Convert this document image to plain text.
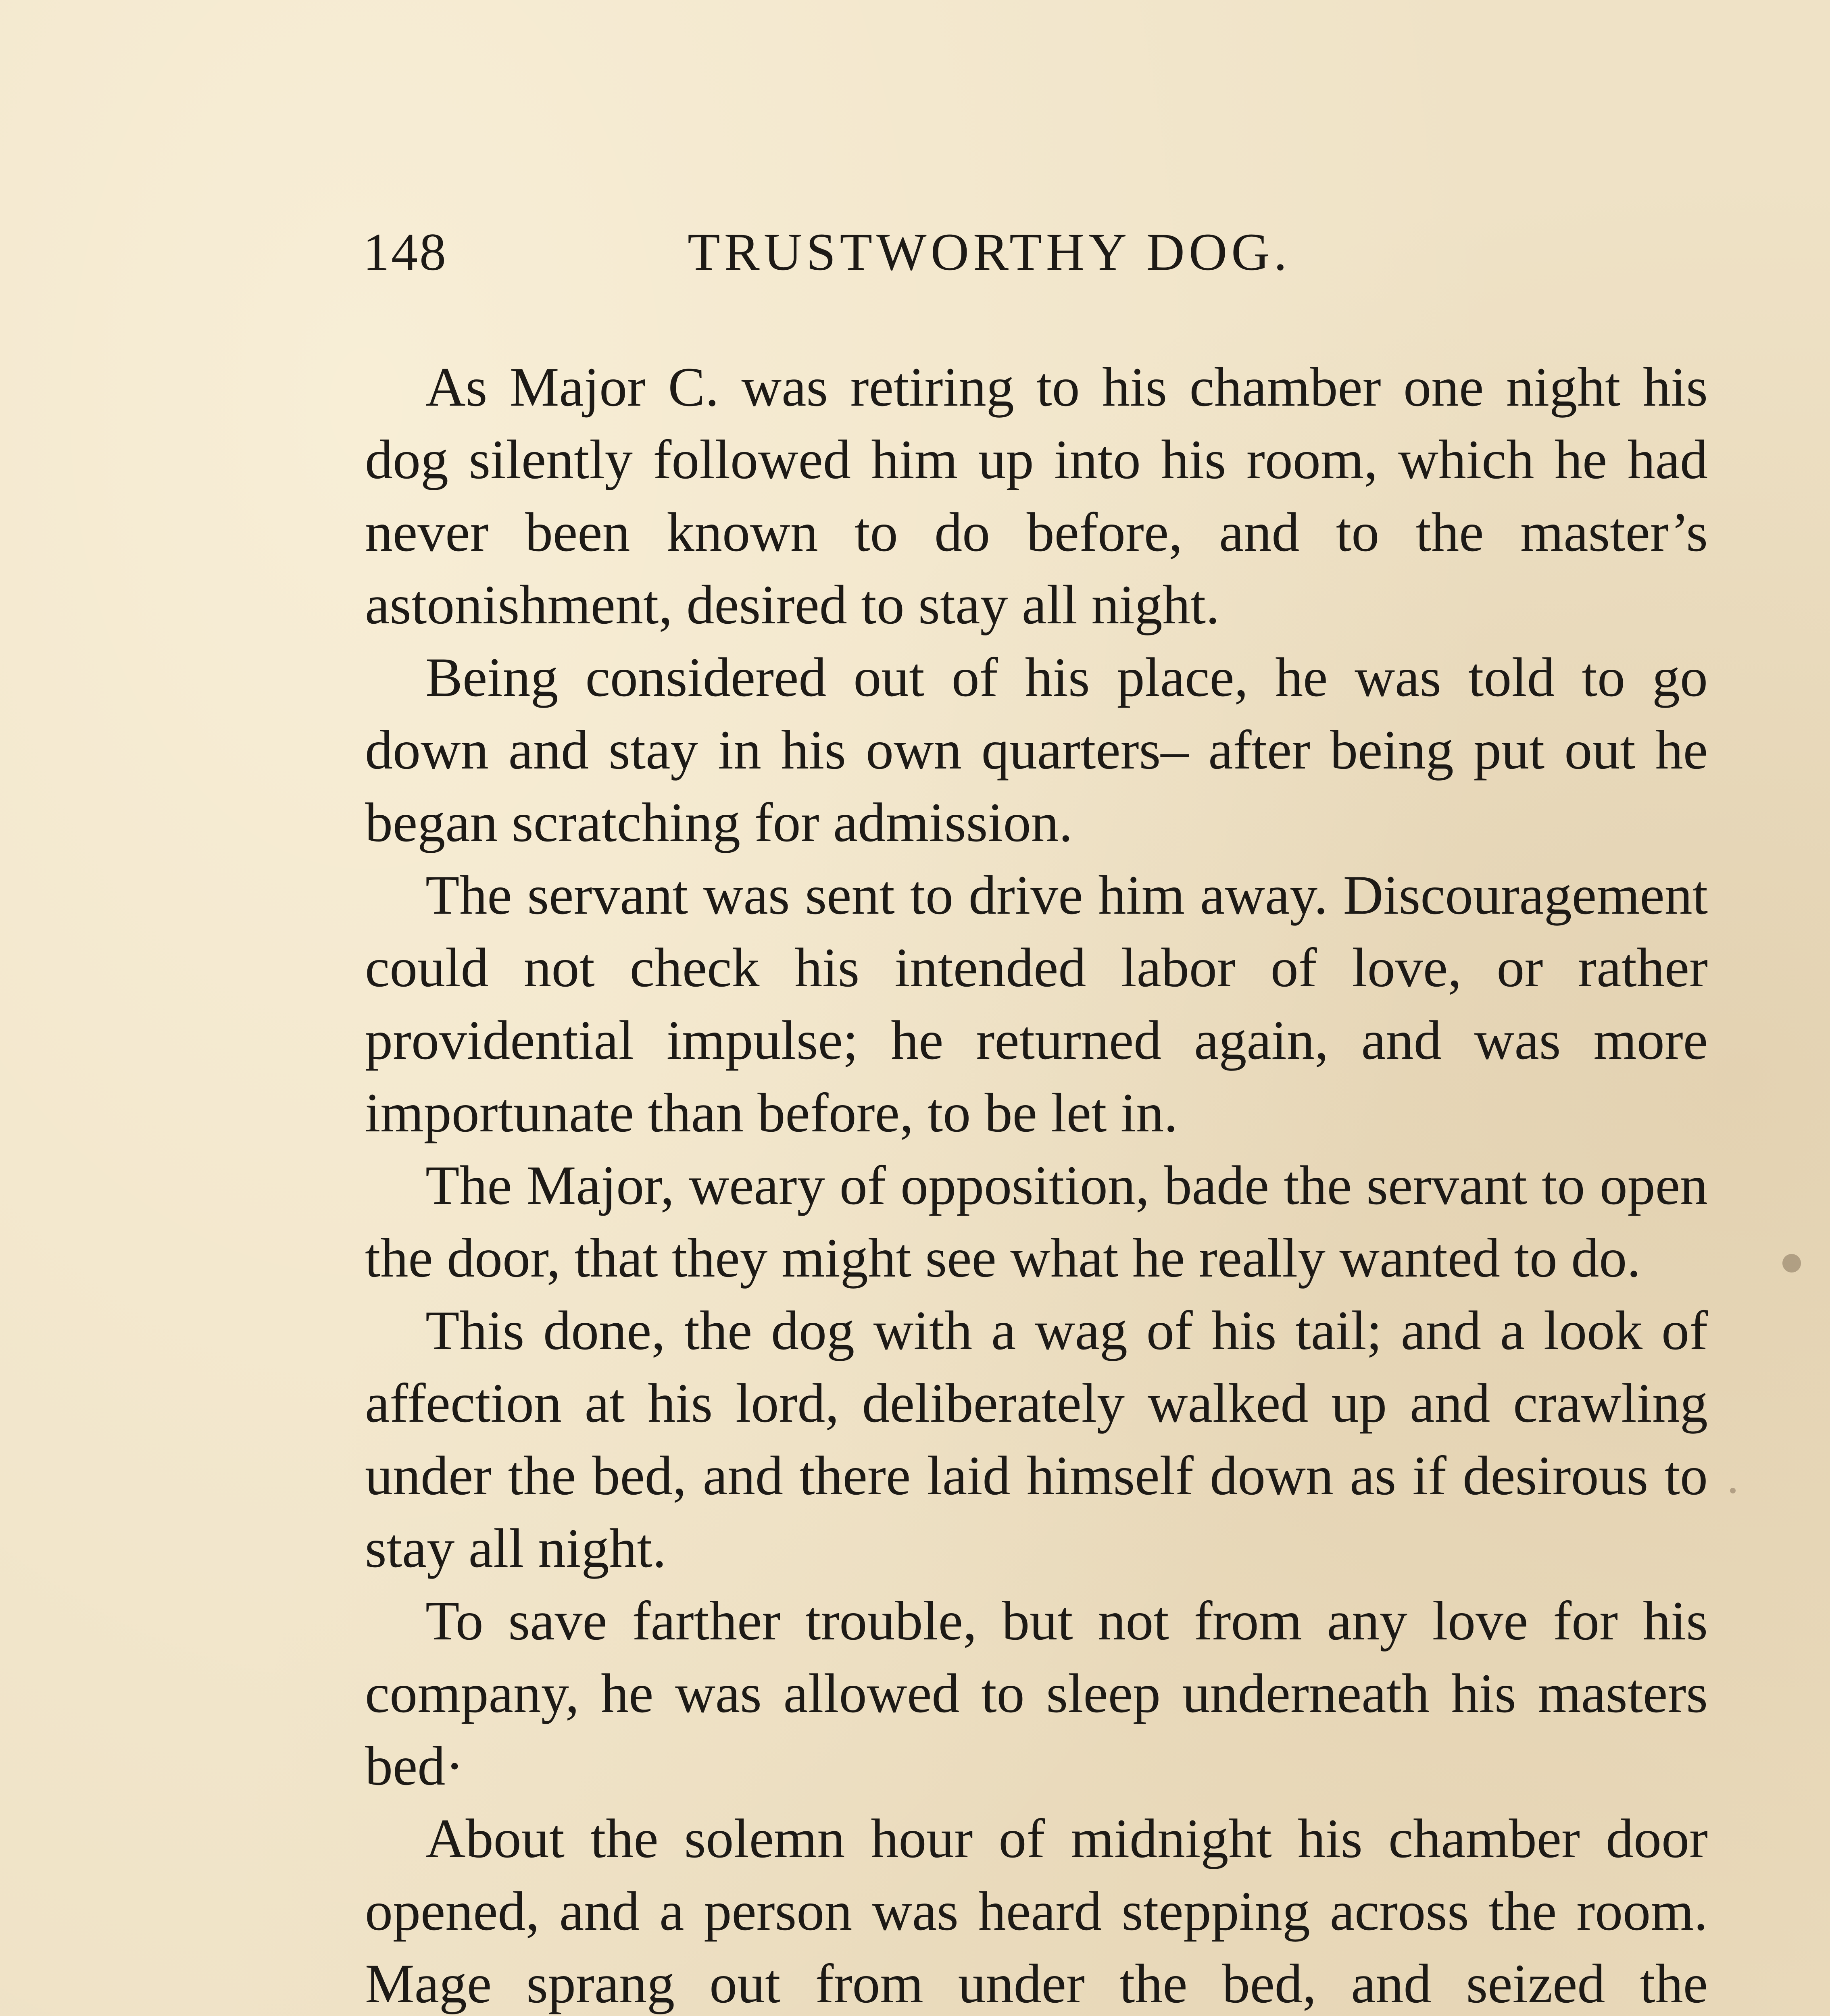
148	TRUSTWORTHY DOG.

As Major C. was retiring to his chamber one night his dog silently followed him up into his room, which he had never been known to do before, and to the master’s astonishment, desired to stay all night.

Being considered out of his place, he was told to go down and stay in his own quarters– after being put out he began scratching for admission.

The servant was sent to drive him away. Discouragement could not check his intended labor of love, or rather providential impulse; he returned again, and was more importunate than before, to be let in.

The Major, weary of opposition, bade the servant to open the door, that they might see what he really wanted to do.

This done, the dog with a wag of his tail; and a look of affection at his lord, deliberately walked up and crawling under the bed, and there laid himself down as if desirous to stay all night.

To save farther trouble, but not from any love for his company, he was allowed to sleep underneath his masters bed·

About the solemn hour of midnight his chamber door opened, and a person was heard stepping across the room. Mage sprang out from under the bed, and seized the
